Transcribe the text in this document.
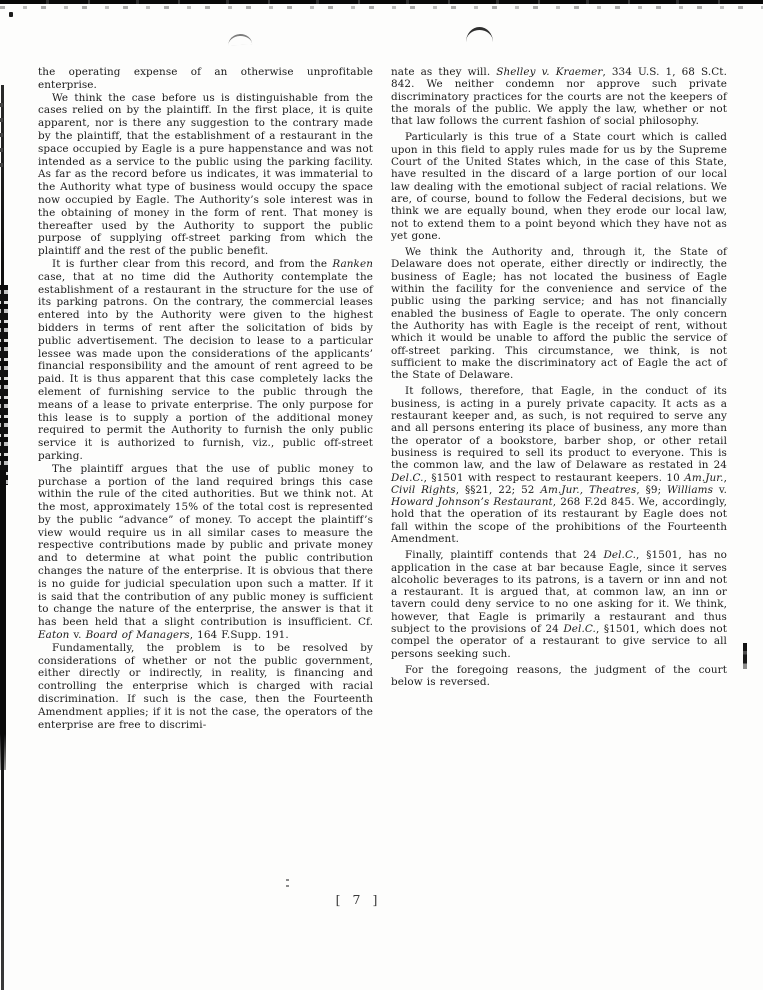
the operating expense of an otherwise unprofitable enterprise.

We think the case before us is distinguishable from the cases relied on by the plaintiff. In the first place, it is quite apparent, nor is there any suggestion to the contrary made by the plaintiff, that the establishment of a restaurant in the space occupied by Eagle is a pure happenstance and was not intended as a service to the public using the parking facility. As far as the record before us indicates, it was immaterial to the Authority what type of business would occupy the space now occupied by Eagle. The Authority’s sole interest was in the obtaining of money in the form of rent. That money is thereafter used by the Authority to support the public purpose of supplying off-street parking from which the plaintiff and the rest of the public benefit.

It is further clear from this record, and from the Ranken case, that at no time did the Authority contemplate the establishment of a restaurant in the structure for the use of its parking patrons. On the contrary, the commercial leases entered into by the Authority were given to the highest bidders in terms of rent after the solicitation of bids by public advertisement. The decision to lease to a particular lessee was made upon the considerations of the applicants’ financial responsibility and the amount of rent agreed to be paid. It is thus apparent that this case completely lacks the element of furnishing service to the public through the means of a lease to private enterprise. The only purpose for this lease is to supply a portion of the additional money required to permit the Authority to furnish the only public service it is authorized to furnish, viz., public off-street parking.

The plaintiff argues that the use of public money to purchase a portion of the land required brings this case within the rule of the cited authorities. But we think not. At the most, approximately 15% of the total cost is represented by the public “advance” of money. To accept the plaintiff’s view would require us in all similar cases to measure the respective contributions made by public and private money and to determine at what point the public contribution changes the nature of the enterprise. It is obvious that there is no guide for judicial speculation upon such a matter. If it is said that the contribution of any public money is sufficient to change the nature of the enterprise, the answer is that it has been held that a slight contribution is insufficient. Cf. Eaton v. Board of Managers, 164 F.Supp. 191.

Fundamentally, the problem is to be resolved by considerations of whether or not the public government, either directly or indirectly, in reality, is financing and controlling the enterprise which is charged with racial discrimination. If such is the case, then the Fourteenth Amendment applies; if it is not the case, the operators of the enterprise are free to discrimi-

nate as they will. Shelley v. Kraemer, 334 U.S. 1, 68 S.Ct. 842. We neither condemn nor approve such private discriminatory practices for the courts are not the keepers of the morals of the public. We apply the law, whether or not that law follows the current fashion of social philosophy.

Particularly is this true of a State court which is called upon in this field to apply rules made for us by the Supreme Court of the United States which, in the case of this State, have resulted in the discard of a large portion of our local law dealing with the emotional subject of racial relations. We are, of course, bound to follow the Federal decisions, but we think we are equally bound, when they erode our local law, not to extend them to a point beyond which they have not as yet gone.

We think the Authority and, through it, the State of Delaware does not operate, either directly or indirectly, the business of Eagle; has not located the business of Eagle within the facility for the convenience and service of the public using the parking service; and has not financially enabled the business of Eagle to operate. The only concern the Authority has with Eagle is the receipt of rent, without which it would be unable to afford the public the service of off-street parking. This circumstance, we think, is not sufficient to make the discriminatory act of Eagle the act of the State of Delaware.

It follows, therefore, that Eagle, in the conduct of its business, is acting in a purely private capacity. It acts as a restaurant keeper and, as such, is not required to serve any and all persons entering its place of business, any more than the operator of a bookstore, barber shop, or other retail business is required to sell its product to everyone. This is the common law, and the law of Delaware as restated in 24 Del.C., §1501 with respect to restaurant keepers. 10 Am.Jur., Civil Rights, §§21, 22; 52 Am.Jur., Theatres, §9; Williams v. Howard Johnson’s Restaurant, 268 F.2d 845. We, accordingly, hold that the operation of its restaurant by Eagle does not fall within the scope of the prohibitions of the Fourteenth Amendment.

Finally, plaintiff contends that 24 Del.C., §1501, has no application in the case at bar because Eagle, since it serves alcoholic beverages to its patrons, is a tavern or inn and not a restaurant. It is argued that, at common law, an inn or tavern could deny service to no one asking for it. We think, however, that Eagle is primarily a restaurant and thus subject to the provisions of 24 Del.C., §1501, which does not compel the operator of a restaurant to give service to all persons seeking such.

For the foregoing reasons, the judgment of the court below is reversed.

[ 7 ]
